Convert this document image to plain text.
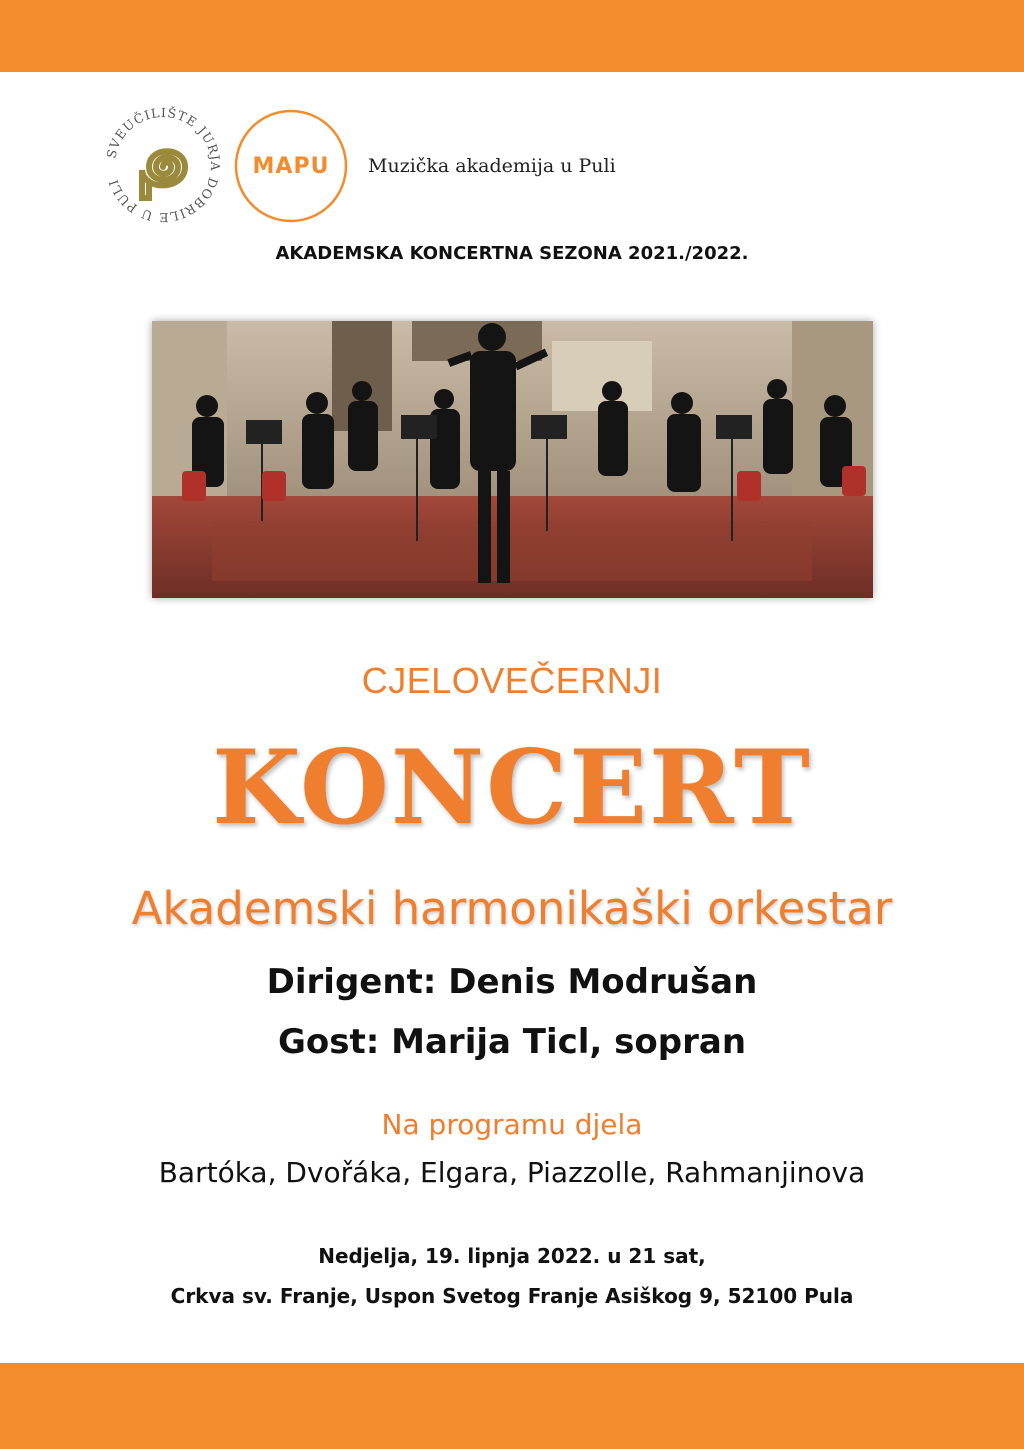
SVEUČILIŠTE JURJA DOBRILE U PULI
MAPU	Muzička akademija u Puli
AKADEMSKA KONCERTNA SEZONA 2021./2022.
CJELOVEČERNJI
KONCERT
Akademski harmonikaški orkestar
Dirigent: Denis Modrušan
Gost: Marija Ticl, sopran
Na programu djela
Bartóka, Dvořáka, Elgara, Piazzolle, Rahmanjinova
Nedjelja, 19. lipnja 2022. u 21 sat,
Crkva sv. Franje, Uspon Svetog Franje Asiškog 9, 52100 Pula
